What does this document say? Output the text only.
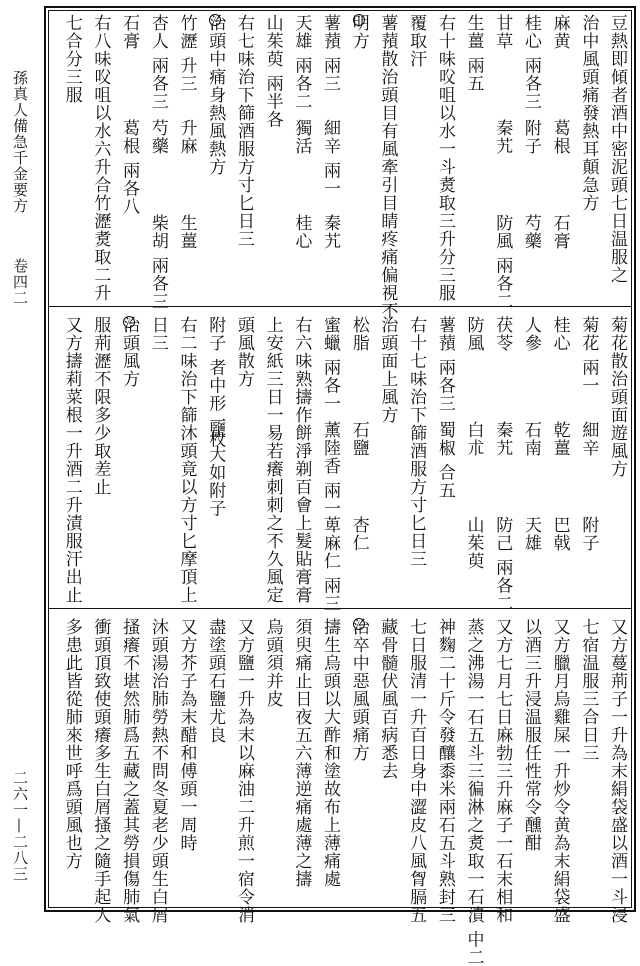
孫真人備急千金要方
卷四二
二六一—二八三
豆熱即傾者酒中密泥頭七日温服之
治中風頭痛發熱耳顛急方
麻黄
葛根
石膏
桂心 兩各三
附子
芍藥
甘草
秦艽
防風 兩各二
生薑 兩五
右十味㕮咀以水一斗煑取三升分三服
覆取汗
薯蕷散治頭目有風牽引目睛疼痛偏視不
明方
薯蕷 兩三
細辛 兩一
秦艽
天雄 兩各二
獨活
桂心
山茱萸 兩半各
右七味治下篩酒服方寸匕日三
治頭中痛身熱風熱方
竹瀝 升三
升麻
生薑
杏人 兩各三
芍藥
柴胡 兩各三
石膏
葛根 兩各八
右八味㕮咀以水六升合竹瀝煑取二升
七合分三服
菊花散治頭面遊風方
菊花 兩一
細辛
附子
桂心
乾薑
巴戟
人參
石南
天雄
茯苓
秦艽
防己 兩各二
防風
白朮
山茱萸
薯蕷 兩各三
蜀椒 合五
右十七味治下篩酒服方寸匕日三
治頭面上風方
松脂
石鹽
杏仁
蜜蠟 兩各一
薰陸香 兩一
萆麻仁 兩三
右六味熟擣作餅淨剃百會上髮貼膏膏
上安紙三日一易若癢刺刺之不久風定
頭風散方
附子 者中形一枚
鹽 大如附子
右二味治下篩沐頭竟以方寸匕摩頂上
日三
治頭風方
服荊瀝不限多少取差止
又方擣莉菜根一升酒二升漬服汗出止
又方蔓荊子一升為末絹袋盛以酒一斗浸
七宿温服三合日三
又方臘月烏雞屎一升炒令黄為末絹袋盛
以酒三升浸温服任性常令醺酣
又方七月七日麻勃三升麻子一石末相和
蒸之沸湯一石五斗三徧淋之煑取一石漬 中二
神麴二十斤令發釀黍米兩石五斗熟封三
七日服清一升百日身中澀皮八風胷膈五
藏骨髓伏風百病悉去
治卒中惡風頭痛方
擣生烏頭以大酢和塗故布上薄痛處
須臾痛止日夜五六薄逆痛處薄之擣
烏頭須并皮
又方鹽一升為末以麻油二升煎一宿令消
盡塗頭石鹽尤良
又方芥子為末醋和傅頭一周時
沐頭湯治肺勞熱不問冬夏老少頭生白屑
搔癢不堪然肺爲五藏之蓋其勞損傷肺氣
衝頭頂致使頭癢多生白屑搔之隨手起人
多患此皆從肺來世呼爲頭風也方
